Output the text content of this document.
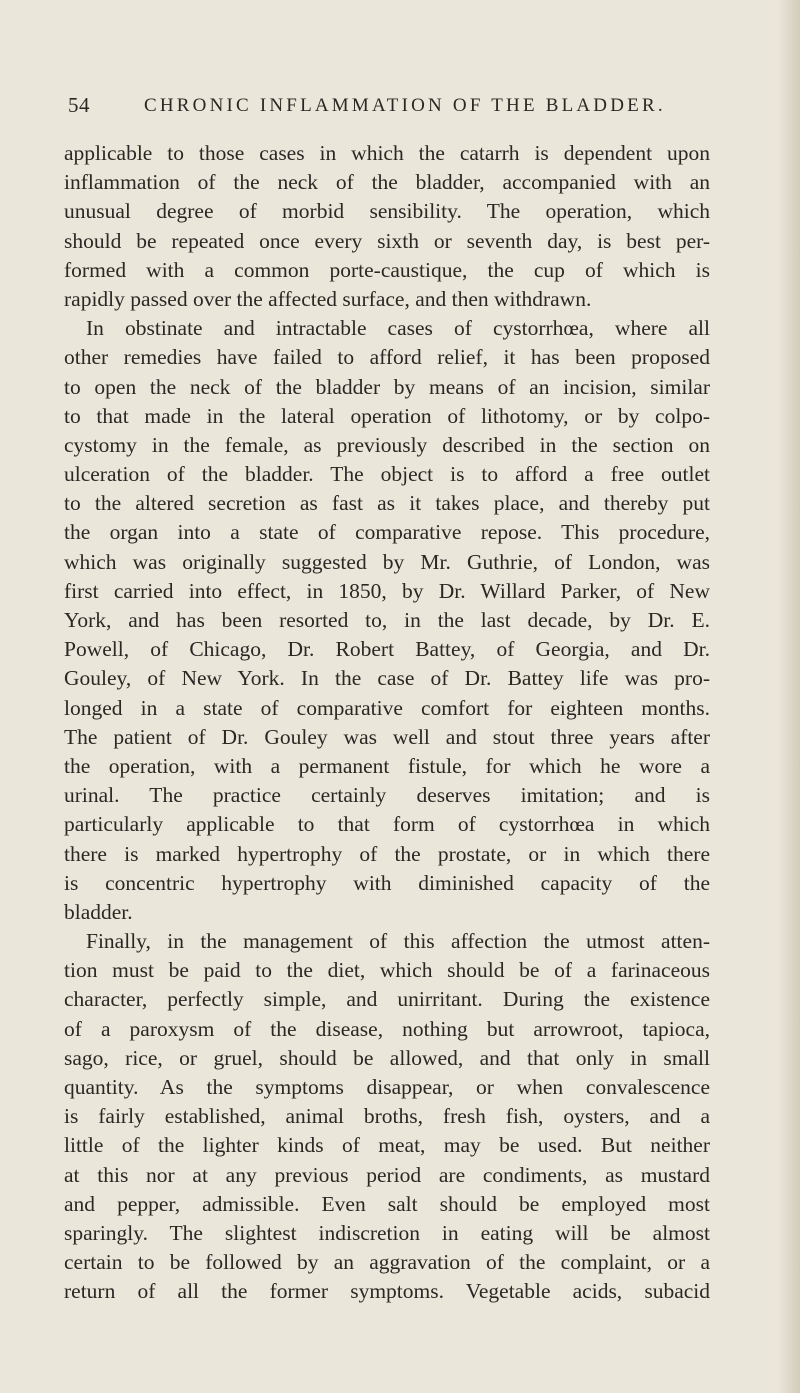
54	CHRONIC INFLAMMATION OF THE BLADDER.
applicable to those cases in which the catarrh is dependent upon
inflammation of the neck of the bladder, accompanied with an
unusual degree of morbid sensibility. The operation, which
should be repeated once every sixth or seventh day, is best per-
formed with a common porte-caustique, the cup of which is
rapidly passed over the affected surface, and then withdrawn.
In obstinate and intractable cases of cystorrhœa, where all
other remedies have failed to afford relief, it has been proposed
to open the neck of the bladder by means of an incision, similar
to that made in the lateral operation of lithotomy, or by colpo-
cystomy in the female, as previously described in the section on
ulceration of the bladder. The object is to afford a free outlet
to the altered secretion as fast as it takes place, and thereby put
the organ into a state of comparative repose. This procedure,
which was originally suggested by Mr. Guthrie, of London, was
first carried into effect, in 1850, by Dr. Willard Parker, of New
York, and has been resorted to, in the last decade, by Dr. E.
Powell, of Chicago, Dr. Robert Battey, of Georgia, and Dr.
Gouley, of New York. In the case of Dr. Battey life was pro-
longed in a state of comparative comfort for eighteen months.
The patient of Dr. Gouley was well and stout three years after
the operation, with a permanent fistule, for which he wore a
urinal. The practice certainly deserves imitation; and is
particularly applicable to that form of cystorrhœa in which
there is marked hypertrophy of the prostate, or in which there
is concentric hypertrophy with diminished capacity of the
bladder.
Finally, in the management of this affection the utmost atten-
tion must be paid to the diet, which should be of a farinaceous
character, perfectly simple, and unirritant. During the existence
of a paroxysm of the disease, nothing but arrowroot, tapioca,
sago, rice, or gruel, should be allowed, and that only in small
quantity. As the symptoms disappear, or when convalescence
is fairly established, animal broths, fresh fish, oysters, and a
little of the lighter kinds of meat, may be used. But neither
at this nor at any previous period are condiments, as mustard
and pepper, admissible. Even salt should be employed most
sparingly. The slightest indiscretion in eating will be almost
certain to be followed by an aggravation of the complaint, or a
return of all the former symptoms. Vegetable acids, subacid
